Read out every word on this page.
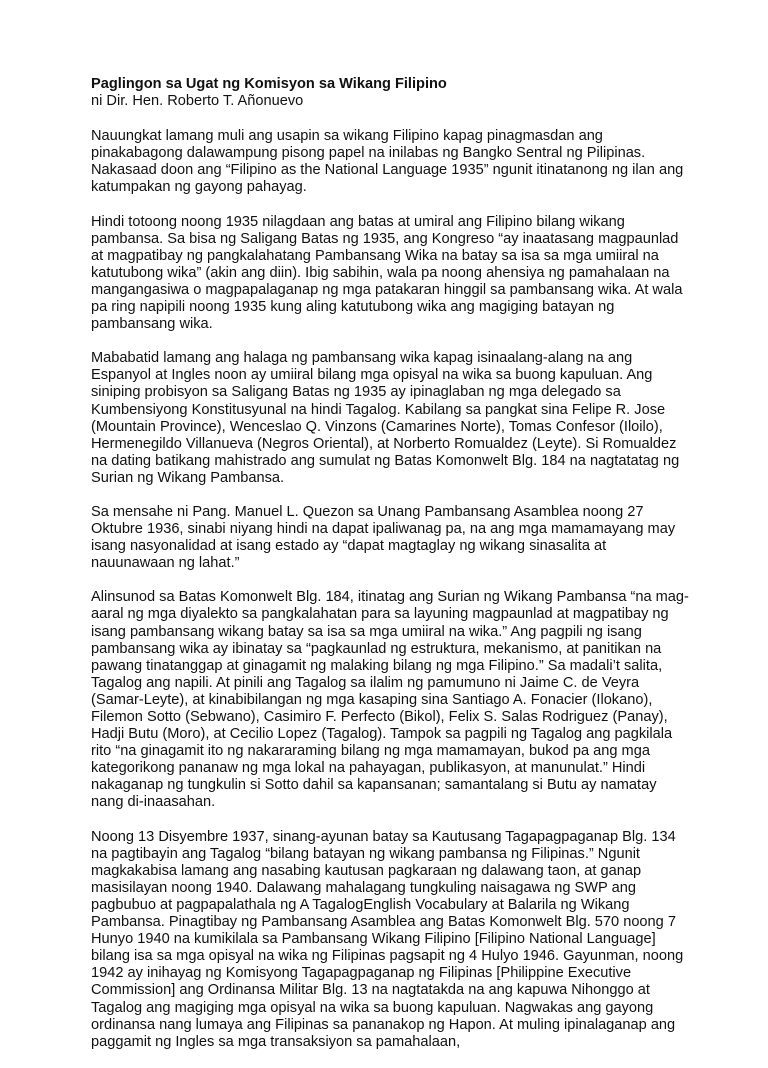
Paglingon sa Ugat ng Komisyon sa Wikang Filipino

ni Dir. Hen. Roberto T. Añonuevo

Nauungkat lamang muli ang usapin sa wikang Filipino kapag pinagmasdan ang pinakabagong dalawampung pisong papel na inilabas ng Bangko Sentral ng Pilipinas. Nakasaad doon ang “Filipino as the National Language 1935” ngunit itinatanong ng ilan ang katumpakan ng gayong pahayag.

Hindi totoong noong 1935 nilagdaan ang batas at umiral ang Filipino bilang wikang pambansa. Sa bisa ng Saligang Batas ng 1935, ang Kongreso “ay inaatasang magpaunlad at magpatibay ng pangkalahatang Pambansang Wika na batay sa isa sa mga umiiral na katutubong wika” (akin ang diin). Ibig sabihin, wala pa noong ahensiya ng pamahalaan na mangangasiwa o magpapalaganap ng mga patakaran hinggil sa pambansang wika. At wala pa ring napipili noong 1935 kung aling katutubong wika ang magiging batayan ng pambansang wika.

Mababatid lamang ang halaga ng pambansang wika kapag isinaalang-alang na ang Espanyol at Ingles noon ay umiiral bilang mga opisyal na wika sa buong kapuluan. Ang siniping probisyon sa Saligang Batas ng 1935 ay ipinaglaban ng mga delegado sa Kumbensiyong Konstitusyunal na hindi Tagalog. Kabilang sa pangkat sina Felipe R. Jose (Mountain Province), Wenceslao Q. Vinzons (Camarines Norte), Tomas Confesor (Iloilo), Hermenegildo Villanueva (Negros Oriental), at Norberto Romualdez (Leyte). Si Romualdez na dating batikang mahistrado ang sumulat ng Batas Komonwelt Blg. 184 na nagtatatag ng Surian ng Wikang Pambansa.

Sa mensahe ni Pang. Manuel L. Quezon sa Unang Pambansang Asamblea noong 27 Oktubre 1936, sinabi niyang hindi na dapat ipaliwanag pa, na ang mga mamamayang may isang nasyonalidad at isang estado ay “dapat magtaglay ng wikang sinasalita at nauunawaan ng lahat.”

Alinsunod sa Batas Komonwelt Blg. 184, itinatag ang Surian ng Wikang Pambansa “na mag-aaral ng mga diyalekto sa pangkalahatan para sa layuning magpaunlad at magpatibay ng isang pambansang wikang batay sa isa sa mga umiiral na wika.” Ang pagpili ng isang pambansang wika ay ibinatay sa “pagkaunlad ng estruktura, mekanismo, at panitikan na pawang tinatanggap at ginagamit ng malaking bilang ng mga Filipino.” Sa madali’t salita, Tagalog ang napili. At pinili ang Tagalog sa ilalim ng pamumuno ni Jaime C. de Veyra (Samar-Leyte), at kinabibilangan ng mga kasaping sina Santiago A. Fonacier (Ilokano), Filemon Sotto (Sebwano), Casimiro F. Perfecto (Bikol), Felix S. Salas Rodriguez (Panay), Hadji Butu (Moro), at Cecilio Lopez (Tagalog). Tampok sa pagpili ng Tagalog ang pagkilala rito “na ginagamit ito ng nakararaming bilang ng mga mamamayan, bukod pa ang mga kategorikong pananaw ng mga lokal na pahayagan, publikasyon, at manunulat.” Hindi nakaganap ng tungkulin si Sotto dahil sa kapansanan; samantalang si Butu ay namatay nang di-inaasahan.

Noong 13 Disyembre 1937, sinang-ayunan batay sa Kautusang Tagapagpaganap Blg. 134 na pagtibayin ang Tagalog “bilang batayan ng wikang pambansa ng Filipinas.” Ngunit magkakabisa lamang ang nasabing kautusan pagkaraan ng dalawang taon, at ganap masisilayan noong 1940. Dalawang mahalagang tungkuling naisagawa ng SWP ang pagbubuo at pagpapalathala ng A TagalogEnglish Vocabulary at Balarila ng Wikang Pambansa. Pinagtibay ng Pambansang Asamblea ang Batas Komonwelt Blg. 570 noong 7 Hunyo 1940 na kumikilala sa Pambansang Wikang Filipino [Filipino National Language] bilang isa sa mga opisyal na wika ng Filipinas pagsapit ng 4 Hulyo 1946. Gayunman, noong 1942 ay inihayag ng Komisyong Tagapagpaganap ng Filipinas [Philippine Executive Commission] ang Ordinansa Militar Blg. 13 na nagtatakda na ang kapuwa Nihonggo at Tagalog ang magiging mga opisyal na wika sa buong kapuluan. Nagwakas ang gayong ordinansa nang lumaya ang Filipinas sa pananakop ng Hapon. At muling ipinalaganap ang paggamit ng Ingles sa mga transaksiyon sa pamahalaan,
